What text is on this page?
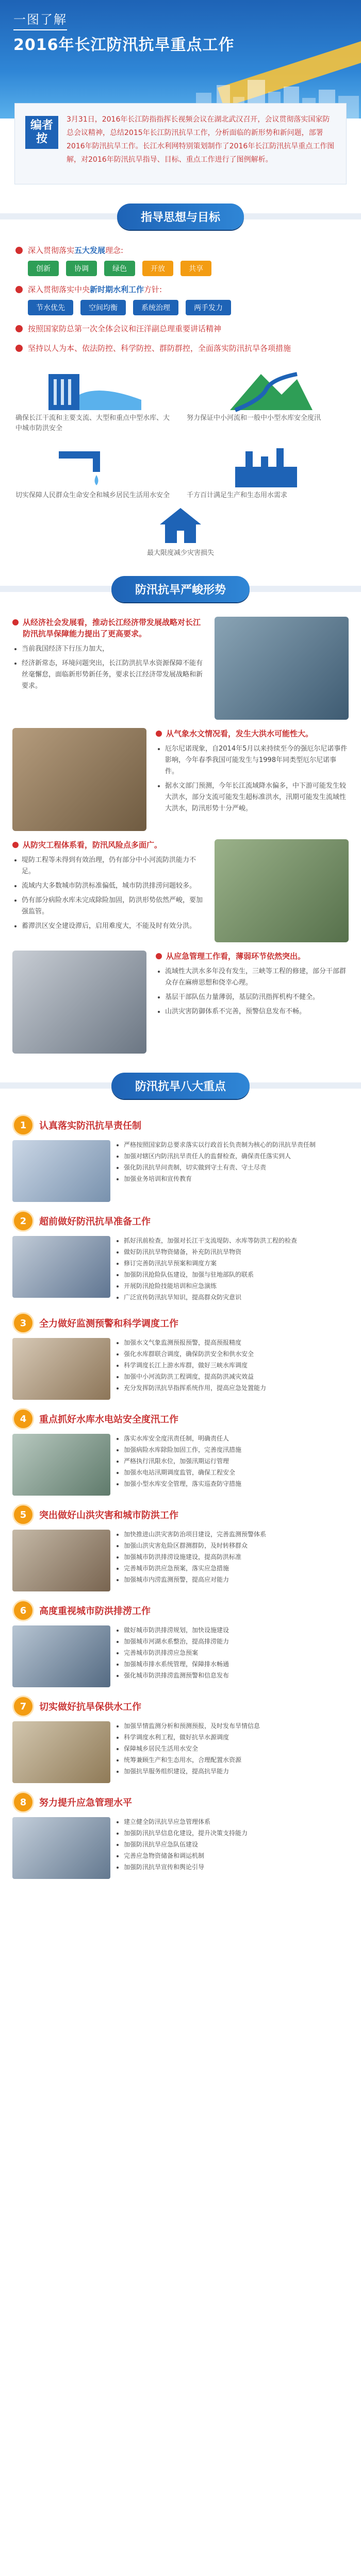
一图了解
2016年长江防汛抗旱重点工作
编者按

3月31日，2016年长江防指指挥长视频会议在湖北武汉召开，会议贯彻落实国家防总会议精神，总结2015年长江防汛抗旱工作，分析面临的新形势和新问题，部署2016年防汛抗旱工作。长江水利网特别策划制作了2016年长江防汛抗旱重点工作图解，对2016年防汛抗旱指导、目标、重点工作进行了图例解析。

指导思想与目标
深入贯彻落实五大发展理念:
创新	协调	绿色	开放	共享
深入贯彻落实中央新时期水利工作方针:
节水优先	空间均衡	系统治理	两手发力
按照国家防总第一次全体会议和汪洋副总理重要讲话精神
坚持以人为本、依法防控、科学防控、群防群控，全面落实防汛抗旱各项措施
确保长江干流和主要支流、大型和重点中型水库、大中城市防洪安全
努力保证中小河流和一般中小型水库安全度汛
切实保障人民群众生命安全和城乡居民生活用水安全	千方百计满足生产和生态用水需求
最大限度减少灾害损失
防汛抗旱严峻形势
从经济社会发展看，推动长江经济带发展战略对长江防汛抗旱保障能力提出了更高要求。
• 当前我国经济下行压力加大，
• 经济新常态，环境问题突出，长江防洪抗旱水资源保障不能有丝毫懈怠，面临新形势新任务，要求长江经济带发展战略和新要求。
从气象水文情况看，发生大洪水可能性大。
• 厄尔尼诺现象，自2014年5月以来持续至今的强厄尔尼诺事件影响，今年春季我国可能发生与1998年同类型厄尔尼诺事件。
• 据水文部门预测，今年长江流域降水偏多，中下游可能发生较大洪水，部分支流可能发生超标准洪水，汛期可能发生流域性大洪水，防汛形势十分严峻。
从防灾工程体系看，防汛风险点多面广。
• 堤防工程等未得到有效治理，仍有部分中小河流防洪能力不足。
• 流域内大多数城市防洪标准偏低，城市防洪排涝问题较多。
• 仍有部分病险水库未完成除险加固，防洪形势依然严峻，要加强监管。
• 蓄滞洪区安全建设滞后，启用难度大，不能及时有效分洪。
从应急管理工作看，薄弱环节依然突出。
• 流域性大洪水多年没有发生，三峡等工程的修建，部分干部群众存在麻痹思想和侥幸心理。
• 基层干部队伍力量薄弱，基层防汛指挥机构不健全。
• 山洪灾害防御体系不完善，预警信息发布不畅。
防汛抗旱八大重点
1	认真落实防汛抗旱责任制
• 严格按照国家防总要求落实以行政首长负责制为核心的防汛抗旱责任制
• 加强对辖区内防汛抗旱责任人的监督检查，确保责任落实到人
• 强化防汛抗旱问责制，切实做到守土有责、守土尽责
• 加强业务培训和宣传教育
2	超前做好防汛抗旱准备工作
• 抓好汛前检查，加强对长江干支流堤防、水库等防洪工程的检查
• 做好防汛抗旱物资储备，补充防汛抗旱物资
• 修订完善防汛抗旱预案和调度方案
• 加强防汛抢险队伍建设，加强与驻地部队的联系
• 开展防汛抢险技能培训和应急演练
• 广泛宣传防汛抗旱知识，提高群众防灾意识
3	全力做好监测预警和科学调度工作
• 加强水文气象监测预报预警，提高预报精度
• 强化水库群联合调度，确保防洪安全和供水安全
• 科学调度长江上游水库群，做好三峡水库调度
• 加强中小河流防洪工程调度，提高防洪减灾效益
• 充分发挥防汛抗旱指挥系统作用，提高应急处置能力
4	重点抓好水库水电站安全度汛工作
• 落实水库安全度汛责任制，明确责任人
• 加强病险水库除险加固工作，完善度汛措施
• 严格执行汛限水位，加强汛期运行管理
• 加强水电站汛期调度监管，确保工程安全
• 加强小型水库安全管理，落实巡查防守措施
5	突出做好山洪灾害和城市防洪工作
• 加快推进山洪灾害防治项目建设，完善监测预警体系
• 加强山洪灾害危险区群测群防，及时转移群众
• 加强城市防洪排涝设施建设，提高防洪标准
• 完善城市防洪应急预案，落实应急措施
• 加强城市内涝监测预警，提高应对能力
6	高度重视城市防洪排涝工作
• 做好城市防洪排涝规划，加快设施建设
• 加强城市河湖水系整治，提高排涝能力
• 完善城市防洪排涝应急预案
• 加强城市排水系统管理，保障排水畅通
• 强化城市防洪排涝监测预警和信息发布
7	切实做好抗旱保供水工作
• 加强旱情监测分析和预测预报，及时发布旱情信息
• 科学调度水利工程，做好抗旱水源调度
• 保障城乡居民生活用水安全
• 统筹兼顾生产和生态用水，合理配置水资源
• 加强抗旱服务组织建设，提高抗旱能力
8	努力提升应急管理水平
• 建立健全防汛抗旱应急管理体系
• 加强防汛抗旱信息化建设，提升决策支持能力
• 加强防汛抗旱应急队伍建设
• 完善应急物资储备和调运机制
• 加强防汛抗旱宣传和舆论引导
